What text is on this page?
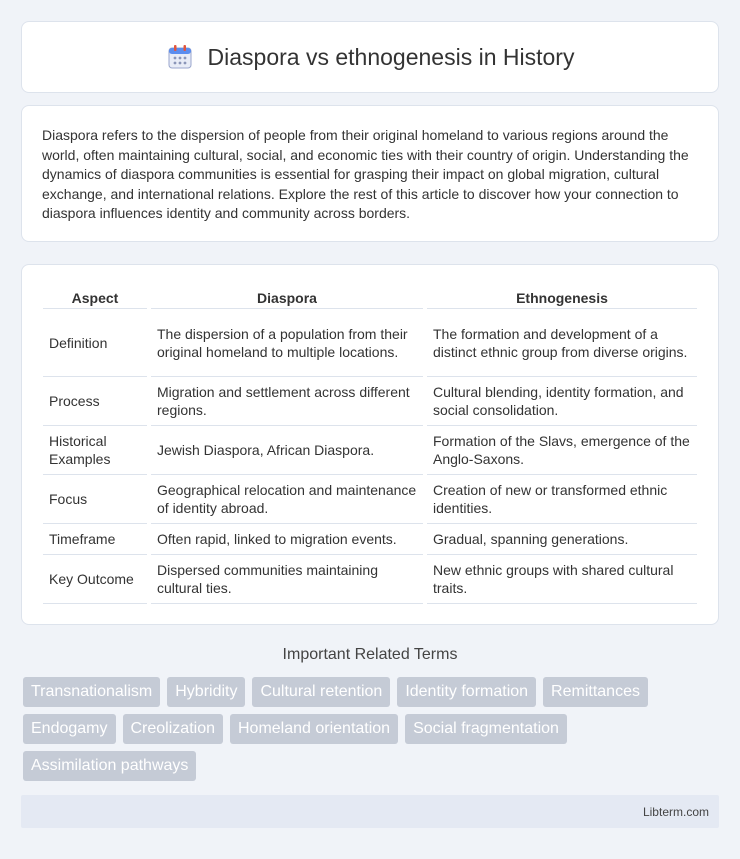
Diaspora vs ethnogenesis in History

Diaspora refers to the dispersion of people from their original homeland to various regions around the world, often maintaining cultural, social, and economic ties with their country of origin. Understanding the dynamics of diaspora communities is essential for grasping their impact on global migration, cultural exchange, and international relations. Explore the rest of this article to discover how your connection to diaspora influences identity and community across borders.

Aspect	Diaspora	Ethnogenesis
Definition	The dispersion of a population from their original homeland to multiple locations.	The formation and development of a distinct ethnic group from diverse origins.
Process	Migration and settlement across different regions.	Cultural blending, identity formation, and social consolidation.
Historical Examples	Jewish Diaspora, African Diaspora.	Formation of the Slavs, emergence of the Anglo-Saxons.
Focus	Geographical relocation and maintenance of identity abroad.	Creation of new or transformed ethnic identities.
Timeframe	Often rapid, linked to migration events.	Gradual, spanning generations.
Key Outcome	Dispersed communities maintaining cultural ties.	New ethnic groups with shared cultural traits.
Important Related Terms
Transnationalism	Hybridity	Cultural retention	Identity formation	Remittances
Endogamy	Creolization	Homeland orientation	Social fragmentation
Assimilation pathways
Libterm.com
